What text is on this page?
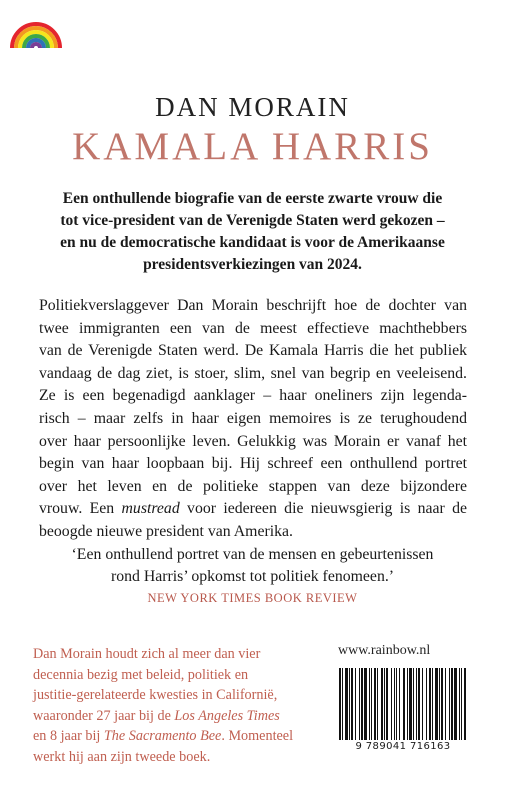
DAN MORAIN
KAMALA HARRIS
Een onthullende biografie van de eerste zwarte vrouw die
tot vice-president van de Verenigde Staten werd gekozen –
en nu de democratische kandidaat is voor de Amerikaanse
presidentsverkiezingen van 2024.
Politiekverslaggever Dan Morain beschrijft hoe de dochter van
twee immigranten een van de meest effectieve machthebbers
van de Verenigde Staten werd. De Kamala Harris die het publiek
vandaag de dag ziet, is stoer, slim, snel van begrip en veeleisend.
Ze is een begenadigd aanklager – haar oneliners zijn legenda-
risch – maar zelfs in haar eigen memoires is ze terughoudend
over haar persoonlijke leven. Gelukkig was Morain er vanaf het
begin van haar loopbaan bij. Hij schreef een onthullend portret
over het leven en de politieke stappen van deze bijzondere
vrouw. Een mustread voor iedereen die nieuwsgierig is naar de
beoogde nieuwe president van Amerika.
‘Een onthullend portret van de mensen en gebeurtenissen
rond Harris’ opkomst tot politiek fenomeen.’
NEW YORK TIMES BOOK REVIEW
Dan Morain houdt zich al meer dan vier
decennia bezig met beleid, politiek en
justitie-gerelateerde kwesties in Californië,
waaronder 27 jaar bij de Los Angeles Times
en 8 jaar bij The Sacramento Bee. Momenteel
werkt hij aan zijn tweede boek.
www.rainbow.nl
9 789041 716163
